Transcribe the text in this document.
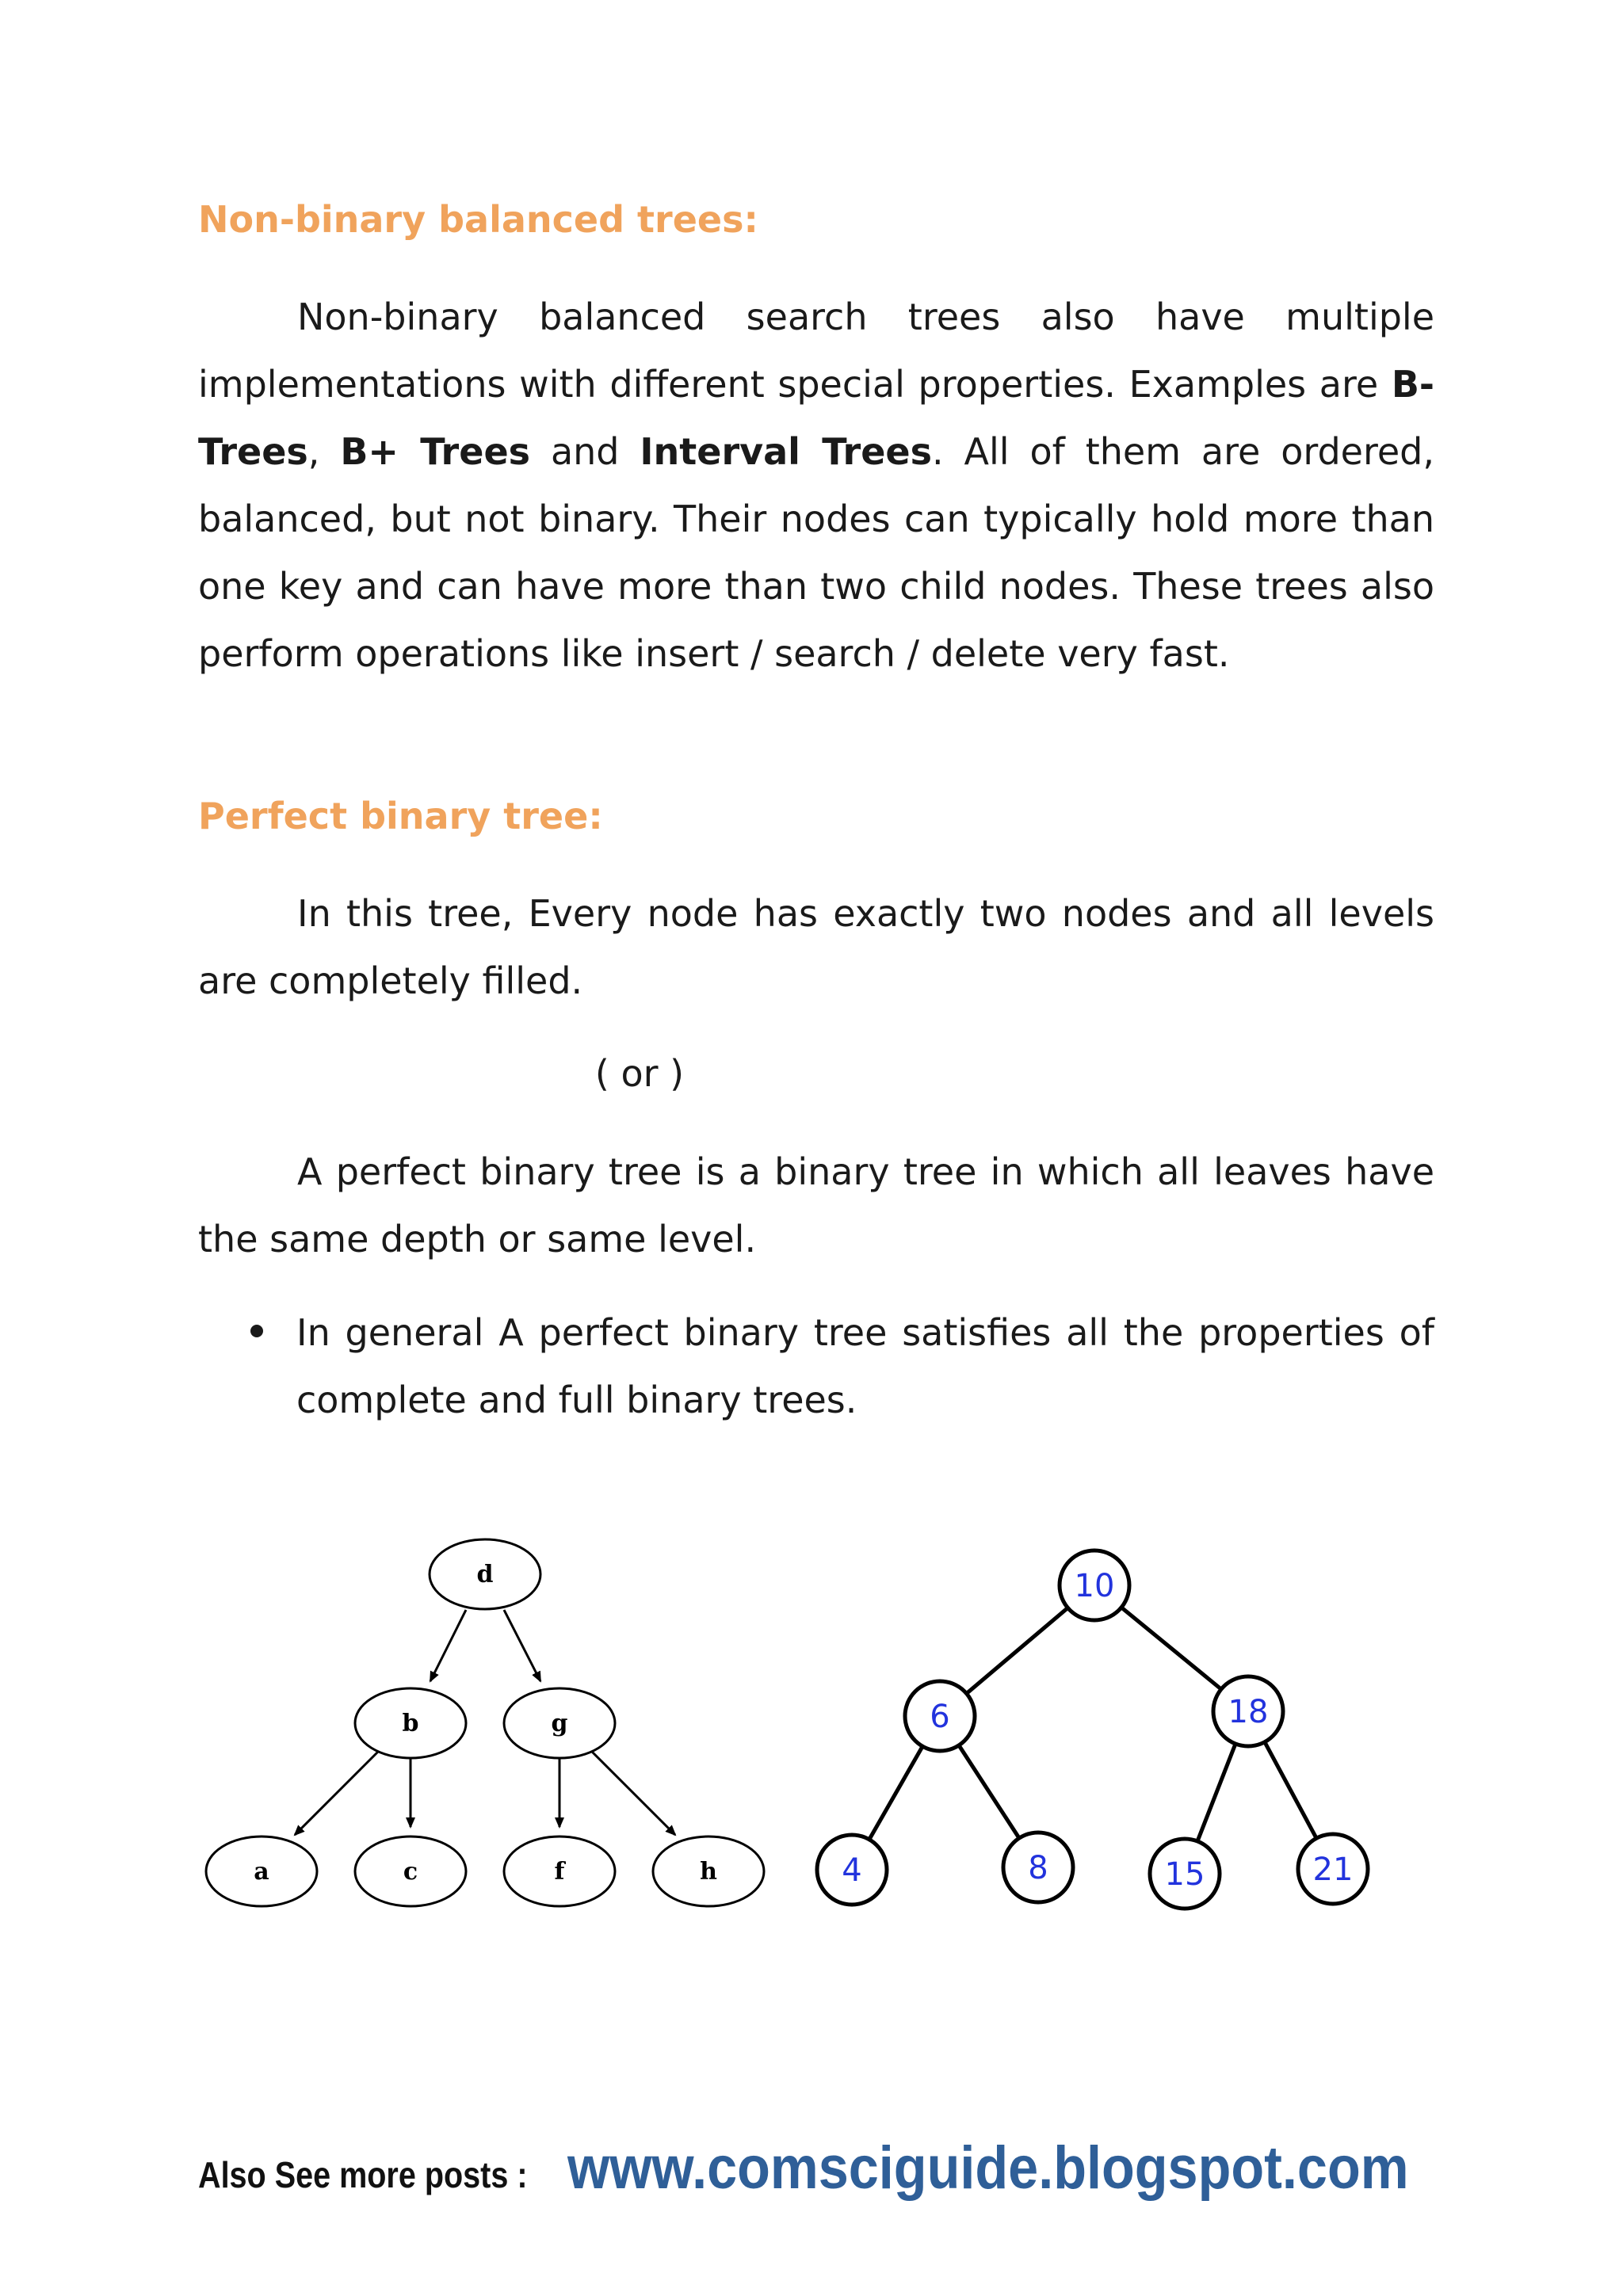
Non-binary balanced trees:

Non-binary balanced search trees also have multiple implementations with different special properties. Examples are B- Trees, B+ Trees and Interval Trees. All of them are ordered, balanced, but not binary. Their nodes can typically hold more than one key and can have more than two child nodes. These trees also perform operations like insert / search / delete very fast.

Perfect binary tree:

In this tree, Every node has exactly two nodes and all levels are completely filled.

( or )

A perfect binary tree is a binary tree in which all leaves have the same depth or same level.

In general A perfect binary tree satisfies all the properties of complete and full binary trees.

d
b	g
a	c	f	h
10
6	18
4	8	15	21
Also See more posts : www.comsciguide.blogspot.com
